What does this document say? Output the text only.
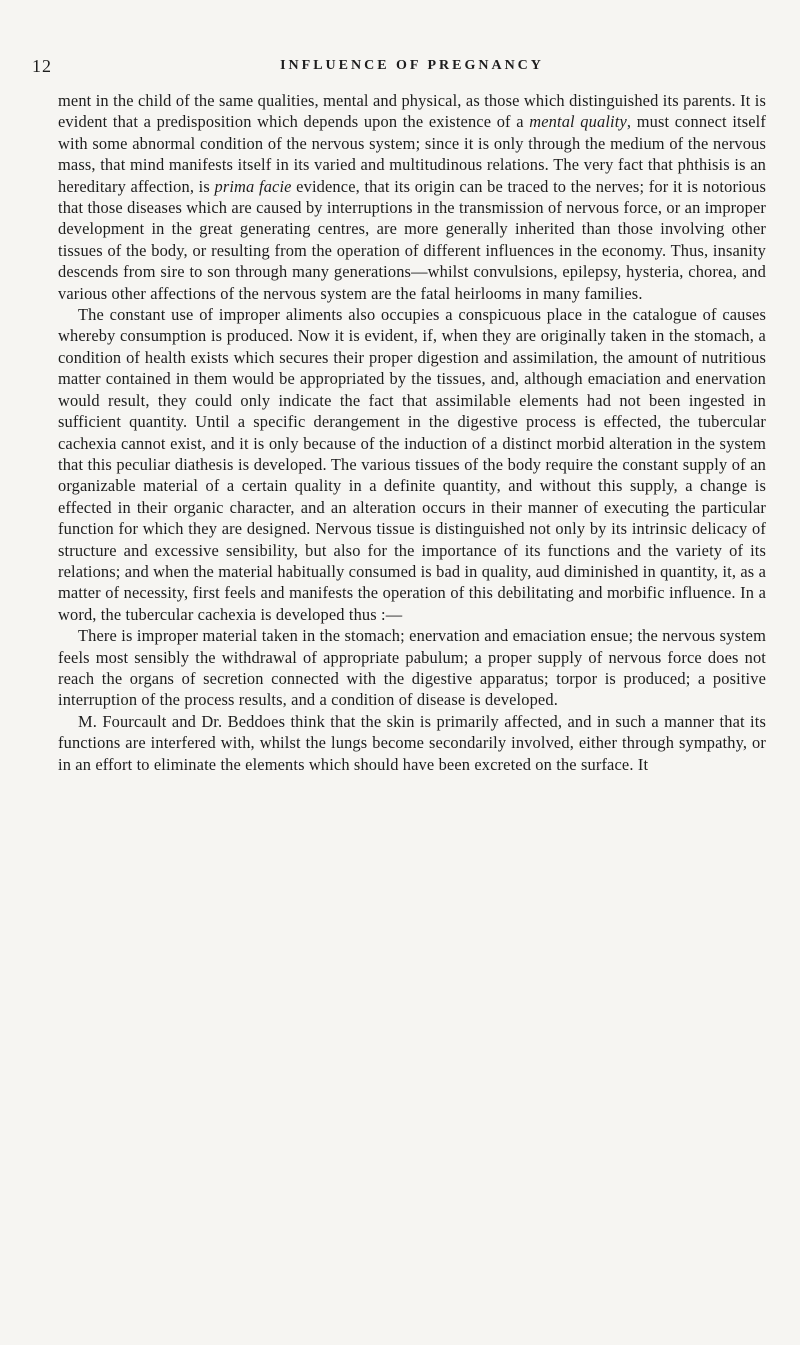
12	INFLUENCE OF PREGNANCY

ment in the child of the same qualities, mental and physical, as those which distinguished its parents. It is evident that a predisposition which depends upon the existence of a mental quality, must connect itself with some abnormal condition of the nervous system; since it is only through the medium of the nervous mass, that mind manifests itself in its varied and multitudinous relations. The very fact that phthisis is an hereditary affection, is prima facie evidence, that its origin can be traced to the nerves; for it is notorious that those diseases which are caused by interruptions in the transmission of nervous force, or an improper development in the great generating centres, are more generally inherited than those involving other tissues of the body, or resulting from the operation of different influences in the economy. Thus, insanity descends from sire to son through many generations—whilst convulsions, epilepsy, hysteria, chorea, and various other affections of the nervous system are the fatal heirlooms in many families.

The constant use of improper aliments also occupies a conspicuous place in the catalogue of causes whereby consumption is produced. Now it is evident, if, when they are originally taken in the stomach, a condition of health exists which secures their proper digestion and assimilation, the amount of nutritious matter contained in them would be appropriated by the tissues, and, although emaciation and enervation would result, they could only indicate the fact that assimilable elements had not been ingested in sufficient quantity. Until a specific derangement in the digestive process is effected, the tubercular cachexia cannot exist, and it is only because of the induction of a distinct morbid alteration in the system that this peculiar diathesis is developed. The various tissues of the body require the constant supply of an organizable material of a certain quality in a definite quantity, and without this supply, a change is effected in their organic character, and an alteration occurs in their manner of executing the particular function for which they are designed. Nervous tissue is distinguished not only by its intrinsic delicacy of structure and excessive sensibility, but also for the importance of its functions and the variety of its relations; and when the material habitually consumed is bad in quality, aud diminished in quantity, it, as a matter of necessity, first feels and manifests the operation of this debilitating and morbific influence. In a word, the tubercular cachexia is developed thus :—

There is improper material taken in the stomach; enervation and emaciation ensue; the nervous system feels most sensibly the withdrawal of appropriate pabulum; a proper supply of nervous force does not reach the organs of secretion connected with the digestive apparatus; torpor is produced; a positive interruption of the process results, and a condition of disease is developed.

M. Fourcault and Dr. Beddoes think that the skin is primarily affected, and in such a manner that its functions are interfered with, whilst the lungs become secondarily involved, either through sympathy, or in an effort to eliminate the elements which should have been excreted on the surface. It
